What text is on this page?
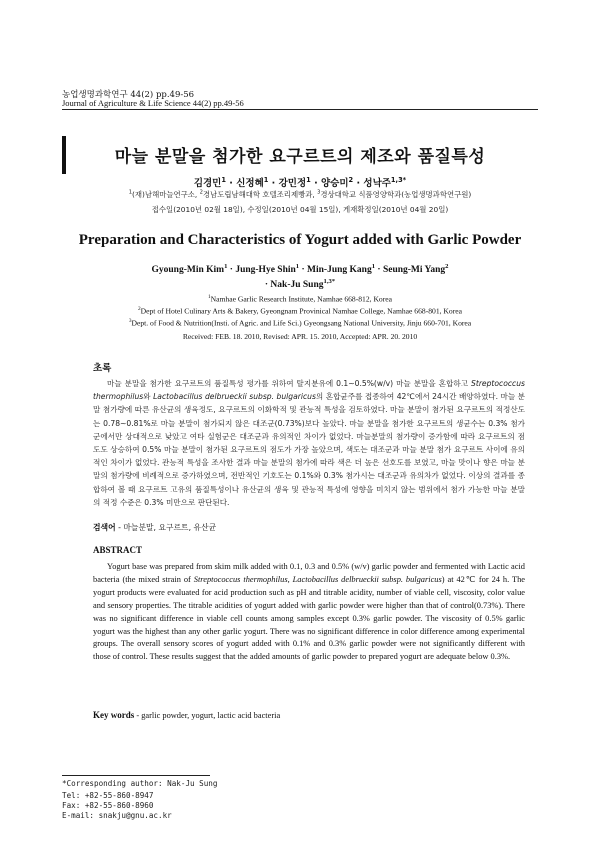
농업생명과학연구 44(2) pp.49-56
Journal of Agriculture & Life Science 44(2) pp.49-56
마늘 분말을 첨가한 요구르트의 제조와 품질특성
김경민$^1$ · 신정혜$^1$ · 강민정$^1$ · 양승미$^2$ · 성낙주$^{1,3*}$
$^1$(재)남해마늘연구소, $^2$경남도립남해대학 호텔조리제빵과, $^3$경상대학교 식품영양학과(농업생명과학연구원)
접수일(2010년 02월 18일), 수정일(2010년 04월 15일), 게재확정일(2010년 04월 20일)
Preparation and Characteristics of Yogurt added with Garlic Powder
Gyoung-Min Kim$^1$ · Jung-Hye Shin$^1$ · Min-Jung Kang$^1$ · Seung-Mi Yang$^2$
· Nak-Ju Sung$^{1,3*}$
$^1$Namhae Garlic Research Institute, Namhae 668-812, Korea
$^2$Dept of Hotel Culinary Arts & Bakery, Gyeongnam Provinical Namhae College, Namhae 668-801, Korea
$^3$Dept. of Food & Nutrition(Insti. of Agric. and Life Sci.) Gyeongsang National University, Jinju 660-701, Korea
Received: FEB. 18. 2010, Revised: APR. 15. 2010, Accepted: APR. 20. 2010
초록

마늘 분말을 첨가한 요구르트의 품질특성 평가를 위하여 탈지분유에 0.1~0.5%(w/v) 마늘 분말을 혼합하고 Streptococcus thermophilus와 Lactobacillus delbrueckii subsp. bulgaricus의 혼합균주를 접종하여 42℃에서 24시간 배양하였다. 마늘 분말 첨가량에 따른 유산균의 생육정도, 요구르트의 이화학적 및 관능적 특성을 검토하였다. 마늘 분말이 첨가된 요구르트의 적정산도는 0.78~0.81%로 마늘 분말이 첨가되지 않은 대조군(0.73%)보다 높았다. 마늘 분말을 첨가한 요구르트의 생균수는 0.3% 첨가군에서만 상대적으로 낮았고 여타 실험군은 대조군과 유의적인 차이가 없었다. 마늘분말의 첨가량이 증가함에 따라 요구르트의 점도도 상승하여 0.5% 마늘 분말이 첨가된 요구르트의 점도가 가장 높았으며, 색도는 대조군과 마늘 분말 첨가 요구르트 사이에 유의적인 차이가 없었다. 관능적 특성을 조사한 결과 마늘 분말의 첨가에 따라 색은 더 높은 선호도를 보였고, 마늘 맛이나 향은 마늘 분말의 첨가량에 비례적으로 증가하였으며, 전반적인 기호도는 0.1%와 0.3% 첨가시는 대조군과 유의차가 없었다. 이상의 결과를 종합하여 볼 때 요구르트 고유의 품질특성이나 유산균의 생육 및 관능적 특성에 영향을 미치지 않는 범위에서 첨가 가능한 마늘 분말의 적정 수준은 0.3% 미만으로 판단된다.

검색어 - 마늘분말, 요구르트, 유산균
ABSTRACT

Yogurt base was prepared from skim milk added with 0.1, 0.3 and 0.5% (w/v) garlic powder and fermented with Lactic acid bacteria (the mixed strain of Streptococcus thermophilus, Lactobacillus delbrueckii subsp. bulgaricus) at 42℃ for 24 h. The yogurt products were evaluated for acid production such as pH and titrable acidity, number of viable cell, viscosity, color value and sensory properties. The titrable acidities of yogurt added with garlic powder were higher than that of control(0.73%). There was no significant difference in viable cell counts among samples except 0.3% garlic powder. The viscosity of 0.5% garlic yogurt was the highest than any other garlic yogurt. There was no significant difference in color difference among experimental groups. The overall sensory scores of yogurt added with 0.1% and 0.3% garlic powder were not significantly different with those of control. These results suggest that the added amounts of garlic powder to prepared yogurt are adequate below 0.3%.

Key words - garlic powder, yogurt, lactic acid bacteria
*Corresponding author: Nak-Ju Sung
Tel: +82-55-860-8947
Fax: +82-55-860-8960
E-mail: snakju@gnu.ac.kr
